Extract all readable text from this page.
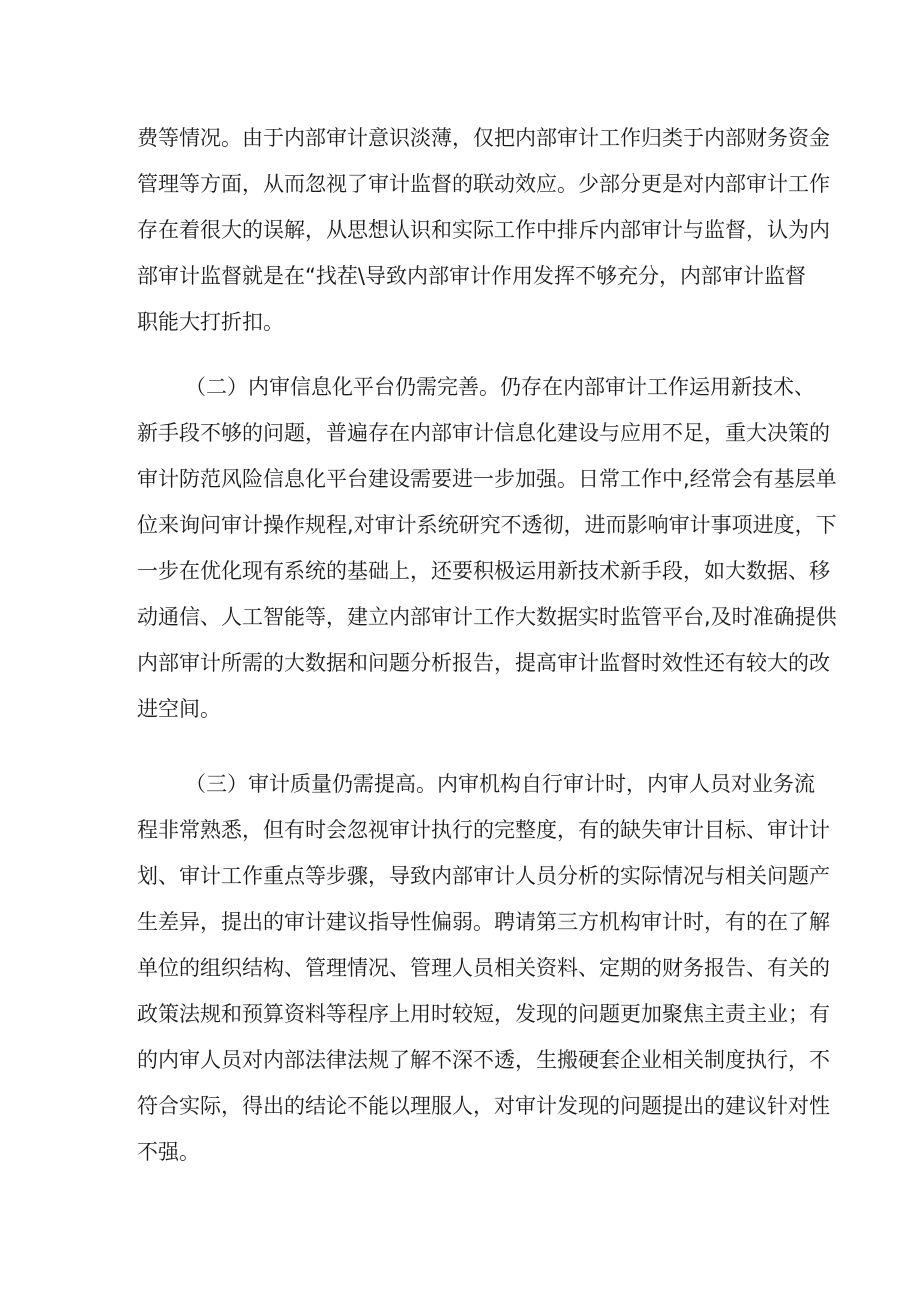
费等情况。由于内部审计意识淡薄，仅把内部审计工作归类于内部财务资金
管理等方面，从而忽视了审计监督的联动效应。少部分更是对内部审计工作
存在着很大的误解，从思想认识和实际工作中排斥内部审计与监督，认为内
部审计监督就是在“找茬\导致内部审计作用发挥不够充分，内部审计监督
职能大打折扣。
（二）内审信息化平台仍需完善。仍存在内部审计工作运用新技术、
新手段不够的问题，普遍存在内部审计信息化建设与应用不足，重大决策的
审计防范风险信息化平台建设需要进一步加强。日常工作中,经常会有基层单
位来询问审计操作规程,对审计系统研究不透彻，进而影响审计事项进度，下
一步在优化现有系统的基础上，还要积极运用新技术新手段，如大数据、移
动通信、人工智能等，建立内部审计工作大数据实时监管平台,及时准确提供
内部审计所需的大数据和问题分析报告，提高审计监督时效性还有较大的改
进空间。
（三）审计质量仍需提高。内审机构自行审计时，内审人员对业务流
程非常熟悉，但有时会忽视审计执行的完整度，有的缺失审计目标、审计计
划、审计工作重点等步骤，导致内部审计人员分析的实际情况与相关问题产
生差异，提出的审计建议指导性偏弱。聘请第三方机构审计时，有的在了解
单位的组织结构、管理情况、管理人员相关资料、定期的财务报告、有关的
政策法规和预算资料等程序上用时较短，发现的问题更加聚焦主责主业；有
的内审人员对内部法律法规了解不深不透，生搬硬套企业相关制度执行，不
符合实际，得出的结论不能以理服人，对审计发现的问题提出的建议针对性
不强。
